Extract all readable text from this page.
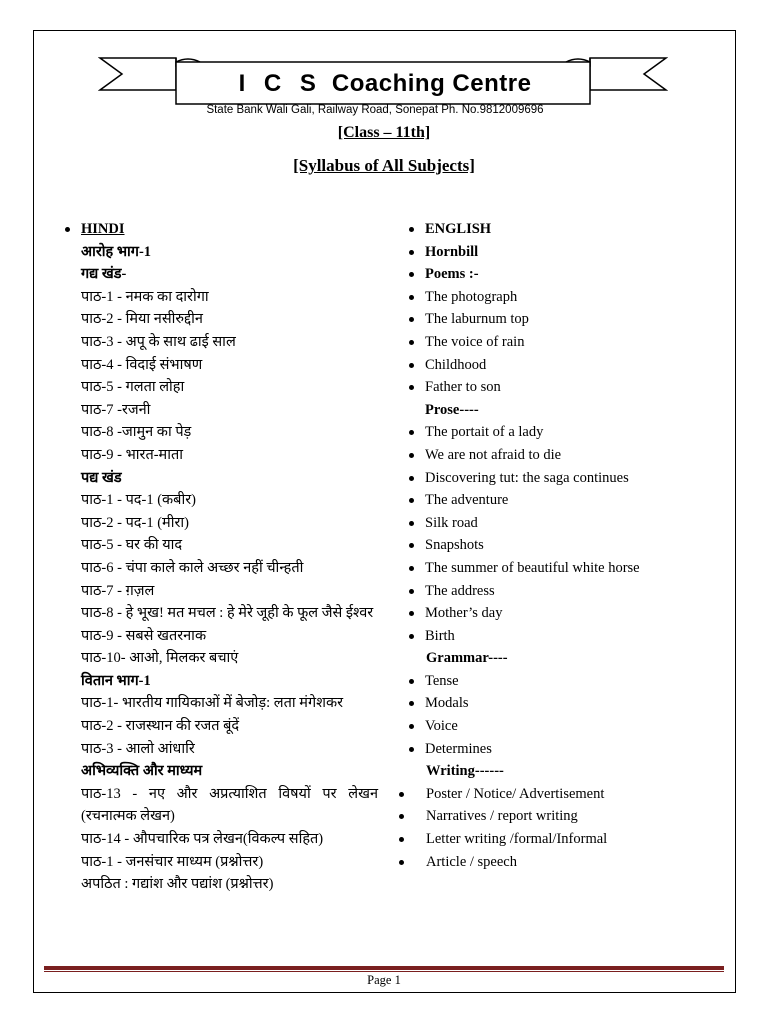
I C S Coaching Centre
State Bank Wali Gali, Railway Road, Sonepat Ph. No.9812009696
[Class – 11th]
[Syllabus of All Subjects]
HINDI
आरोह भाग-1
गद्य खंड-
पाठ-1 - नमक का दारोगा
पाठ-2 - मिया नसीरुद्दीन
पाठ-3 - अपू के साथ ढाई साल
पाठ-4 - विदाई संभाषण
पाठ-5 - गलता लोहा
पाठ-7 -रजनी
पाठ-8 -जामुन का पेड़
पाठ-9 - भारत-माता
पद्य खंड
पाठ-1 - पद-1 (कबीर)
पाठ-2 - पद-1 (मीरा)
पाठ-5 - घर की याद
पाठ-6 - चंपा काले काले अच्छर नहीं चीन्हती
पाठ-7 - ग़ज़ल
पाठ-8 - हे भूख! मत मचल : हे मेरे जूही के फूल जैसे ईश्वर
पाठ-9 - सबसे खतरनाक
पाठ-10- आओ, मिलकर बचाएं
वितान भाग-1
पाठ-1- भारतीय गायिकाओं में बेजोड़: लता मंगेशकर
पाठ-2 - राजस्थान की रजत बूंदें
पाठ-3 - आलो आंधारि
अभिव्यक्ति और माध्यम
पाठ-13 - नए और अप्रत्याशित विषयों पर लेखन (रचनात्मक लेखन)
पाठ-14 - औपचारिक पत्र लेखन(विकल्प सहित)
पाठ-1 - जनसंचार माध्यम (प्रश्नोत्तर)
अपठित : गद्यांश और पद्यांश (प्रश्नोत्तर)
ENGLISH
Hornbill
Poems :-
The photograph
The laburnum top
The voice of rain
Childhood
Father to son
Prose----
The portait of a lady
We are not afraid to die
Discovering tut: the saga continues
The adventure
Silk road
Snapshots
The summer of beautiful white horse
The address
Mother’s day
Birth
Grammar----
Tense
Modals
Voice
Determines
Writing------
Poster / Notice/ Advertisement
Narratives / report writing
Letter writing /formal/Informal
Article / speech
Page 1
